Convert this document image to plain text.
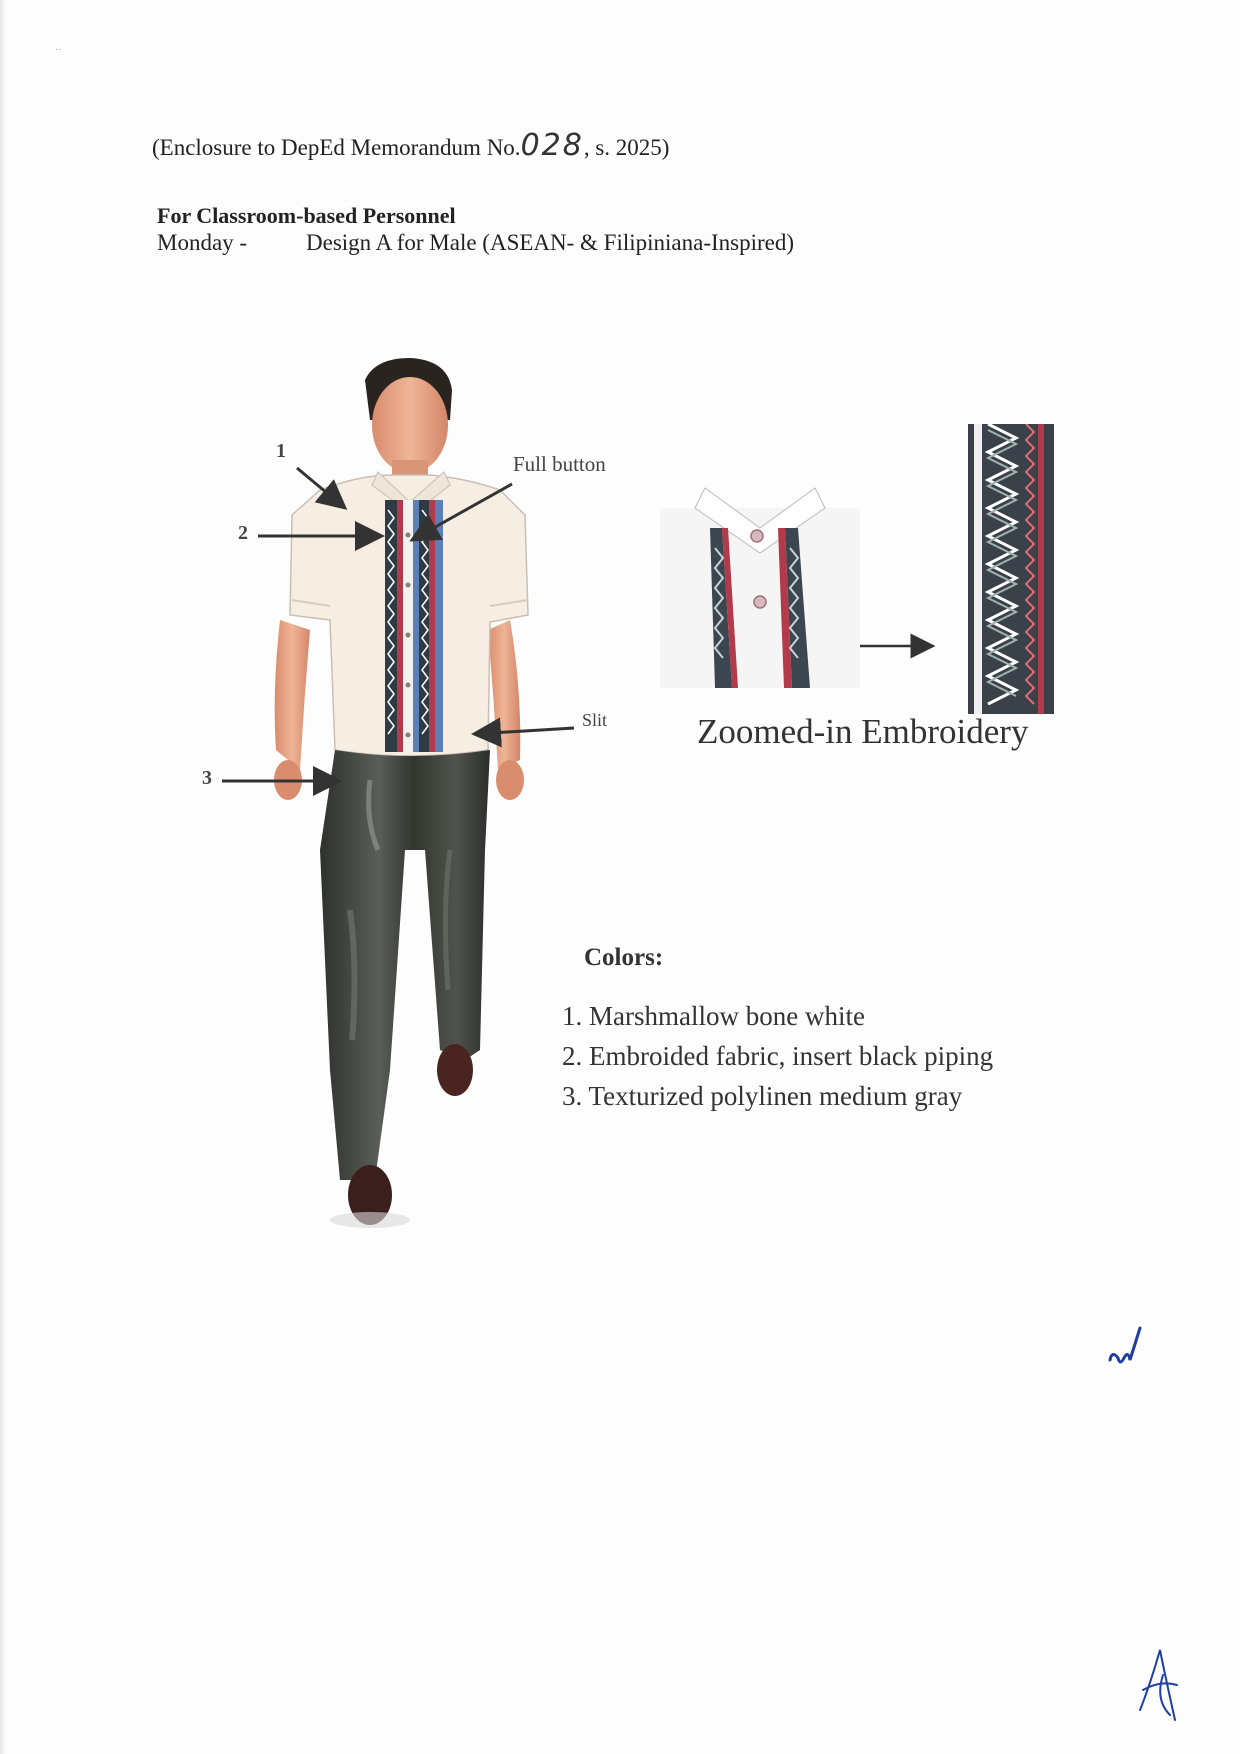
··
(Enclosure to DepEd Memorandum No.028, s. 2025)
For Classroom-based Personnel
Monday -	Design A for Male (ASEAN- & Filipiniana-Inspired)
1
2
3
Full button
Slit	Zoomed-in Embroidery
Colors:
1. Marshmallow bone white
2. Embroided fabric, insert black piping
3. Texturized polylinen medium gray
